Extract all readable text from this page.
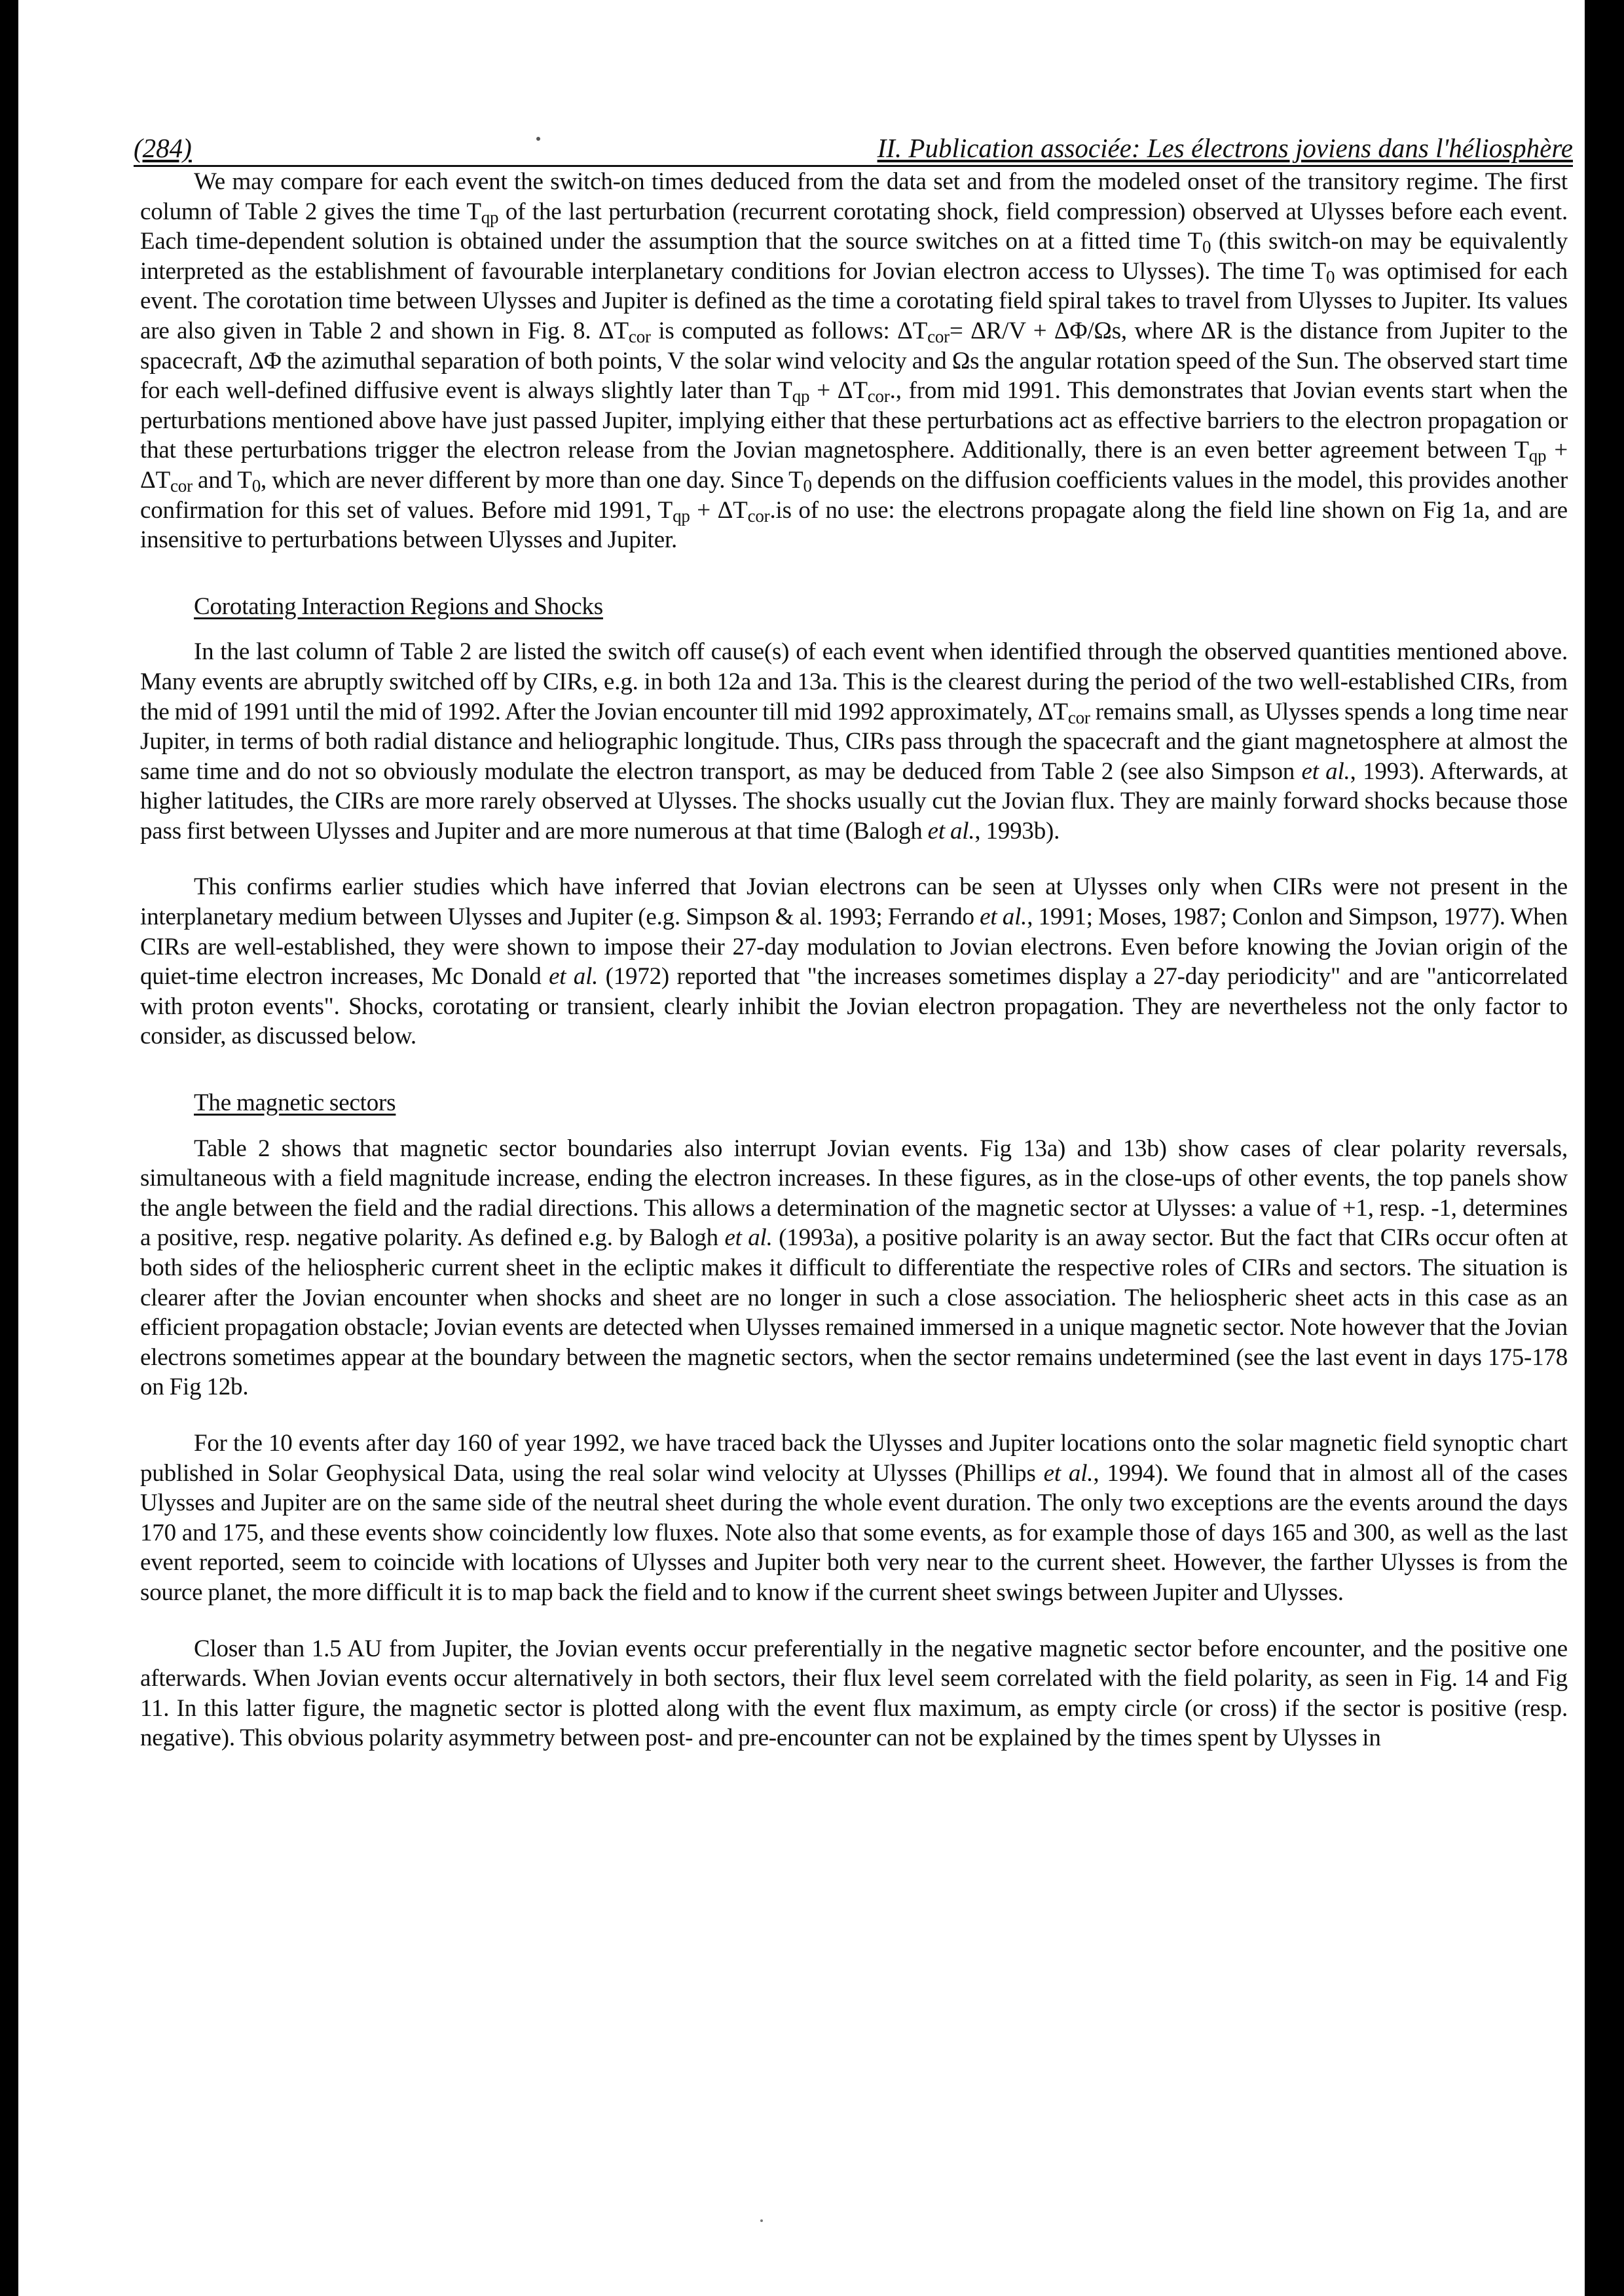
(284)	II. Publication associée: Les électrons joviens dans l'héliosphère

We may compare for each event the switch-on times deduced from the data set and from the modeled onset of the transitory regime. The first column of Table 2 gives the time $T_{qp}$ of the last perturbation (recurrent corotating shock, field compression) observed at Ulysses before each event. Each time-dependent solution is obtained under the assumption that the source switches on at a fitted time $T_0$ (this switch-on may be equivalently interpreted as the establishment of favourable interplanetary conditions for Jovian electron access to Ulysses). The time $T_0$ was optimised for each event. The corotation time between Ulysses and Jupiter is defined as the time a corotating field spiral takes to travel from Ulysses to Jupiter. Its values are also given in Table 2 and shown in Fig. 8. $\Delta T_{cor}$ is computed as follows: $\Delta T_{cor}= \Delta R/V + \Delta\Phi/\Omega s$, where ΔR is the distance from Jupiter to the spacecraft, ΔΦ the azimuthal separation of both points, V the solar wind velocity and Ωs the angular rotation speed of the Sun. The observed start time for each well-defined diffusive event is always slightly later than $T_{qp} + \Delta T_{cor}$., from mid 1991. This demonstrates that Jovian events start when the perturbations mentioned above have just passed Jupiter, implying either that these perturbations act as effective barriers to the electron propagation or that these perturbations trigger the electron release from the Jovian magnetosphere. Additionally, there is an even better agreement between $T_{qp} + \Delta T_{cor}$ and $T_0$, which are never different by more than one day. Since $T_0$ depends on the diffusion coefficients values in the model, this provides another confirmation for this set of values. Before mid 1991, $T_{qp} + \Delta T_{cor}.is$ of no use: the electrons propagate along the field line shown on Fig 1a, and are insensitive to perturbations between Ulysses and Jupiter.

Corotating Interaction Regions and Shocks

In the last column of Table 2 are listed the switch off cause(s) of each event when identified through the observed quantities mentioned above. Many events are abruptly switched off by CIRs, e.g. in both 12a and 13a. This is the clearest during the period of the two well-established CIRs, from the mid of 1991 until the mid of 1992. After the Jovian encounter till mid 1992 approximately, $\Delta T_{cor}$ remains small, as Ulysses spends a long time near Jupiter, in terms of both radial distance and heliographic longitude. Thus, CIRs pass through the spacecraft and the giant magnetosphere at almost the same time and do not so obviously modulate the electron transport, as may be deduced from Table 2 (see also Simpson et al., 1993). Afterwards, at higher latitudes, the CIRs are more rarely observed at Ulysses. The shocks usually cut the Jovian flux. They are mainly forward shocks because those pass first between Ulysses and Jupiter and are more numerous at that time (Balogh et al., 1993b).

This confirms earlier studies which have inferred that Jovian electrons can be seen at Ulysses only when CIRs were not present in the interplanetary medium between Ulysses and Jupiter (e.g. Simpson & al. 1993; Ferrando et al., 1991; Moses, 1987; Conlon and Simpson, 1977). When CIRs are well-established, they were shown to impose their 27-day modulation to Jovian electrons. Even before knowing the Jovian origin of the quiet-time electron increases, Mc Donald et al. (1972) reported that "the increases sometimes display a 27-day periodicity" and are "anticorrelated with proton events". Shocks, corotating or transient, clearly inhibit the Jovian electron propagation. They are nevertheless not the only factor to consider, as discussed below.

The magnetic sectors

Table 2 shows that magnetic sector boundaries also interrupt Jovian events. Fig 13a) and 13b) show cases of clear polarity reversals, simultaneous with a field magnitude increase, ending the electron increases. In these figures, as in the close-ups of other events, the top panels show the angle between the field and the radial directions. This allows a determination of the magnetic sector at Ulysses: a value of +1, resp. -1, determines a positive, resp. negative polarity. As defined e.g. by Balogh et al. (1993a), a positive polarity is an away sector. But the fact that CIRs occur often at both sides of the heliospheric current sheet in the ecliptic makes it difficult to differentiate the respective roles of CIRs and sectors. The situation is clearer after the Jovian encounter when shocks and sheet are no longer in such a close association. The heliospheric sheet acts in this case as an efficient propagation obstacle; Jovian events are detected when Ulysses remained immersed in a unique magnetic sector. Note however that the Jovian electrons sometimes appear at the boundary between the magnetic sectors, when the sector remains undetermined (see the last event in days 175-178 on Fig 12b.

For the 10 events after day 160 of year 1992, we have traced back the Ulysses and Jupiter locations onto the solar magnetic field synoptic chart published in Solar Geophysical Data, using the real solar wind velocity at Ulysses (Phillips et al., 1994). We found that in almost all of the cases Ulysses and Jupiter are on the same side of the neutral sheet during the whole event duration. The only two exceptions are the events around the days 170 and 175, and these events show coincidently low fluxes. Note also that some events, as for example those of days 165 and 300, as well as the last event reported, seem to coincide with locations of Ulysses and Jupiter both very near to the current sheet. However, the farther Ulysses is from the source planet, the more difficult it is to map back the field and to know if the current sheet swings between Jupiter and Ulysses.

Closer than 1.5 AU from Jupiter, the Jovian events occur preferentially in the negative magnetic sector before encounter, and the positive one afterwards. When Jovian events occur alternatively in both sectors, their flux level seem correlated with the field polarity, as seen in Fig. 14 and Fig 11. In this latter figure, the magnetic sector is plotted along with the event flux maximum, as empty circle (or cross) if the sector is positive (resp. negative). This obvious polarity asymmetry between post- and pre-encounter can not be explained by the times spent by Ulysses in
